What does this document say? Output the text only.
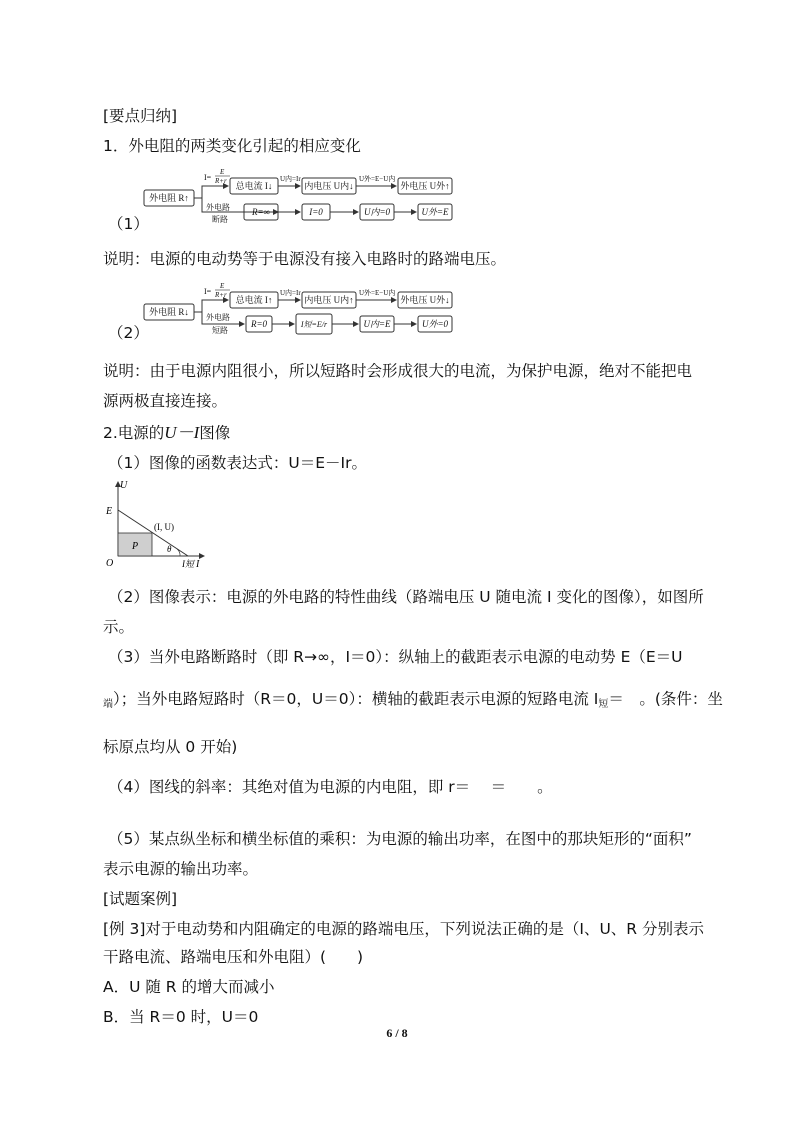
[要点归纳]
1．外电阻的两类变化引起的相应变化
外电阻 R↑
I=
E
R+r 总电流 I↓
U内=Ir
内电压 U内↓
U外=E−U内
外电压 U外↑
外电路
断路
R=∞	I=0	U内=0	U外=E
（1）
说明：电源的电动势等于电源没有接入电路时的路端电压。
外电阻 R↓
I=
E
R+r 总电流 I↑
U内=Ir
内电压 U内↑
U外=E−U内
外电压 U外↓
外电路
短路
R=0	I短=E/r	U内=E	U外=0
（2）
说明：由于电源内阻很小，所以短路时会形成很大的电流，为保护电源，绝对不能把电
源两极直接连接。
2.电源的U－I图像
（1）图像的函数表达式：U＝E－Ir。
U
I
O
E
(I, U)
P	θ
I短
（2）图像表示：电源的外电路的特性曲线（路端电压 U 随电流 I 变化的图像），如图所
示。
（3）当外电路断路时（即 R→∞，I＝0）：纵轴上的截距表示电源的电动势 E（E＝U
$_端$）；当外电路短路时（R＝0，U＝0）：横轴的截距表示电源的短路电流 $I_短=$　。(条件：坐
标原点均从 0 开始)
（4）图线的斜率：其绝对值为电源的内电阻，即 r＝　 ＝　　。
（5）某点纵坐标和横坐标值的乘积：为电源的输出功率，在图中的那块矩形的“面积”
表示电源的输出功率。
[试题案例]
[例 3]对于电动势和内阻确定的电源的路端电压，下列说法正确的是（I、U、R 分别表示
干路电流、路端电压和外电阻）(　　)
A．U 随 R 的增大而减小
B．当 R＝0 时，U＝0
6 / 8
